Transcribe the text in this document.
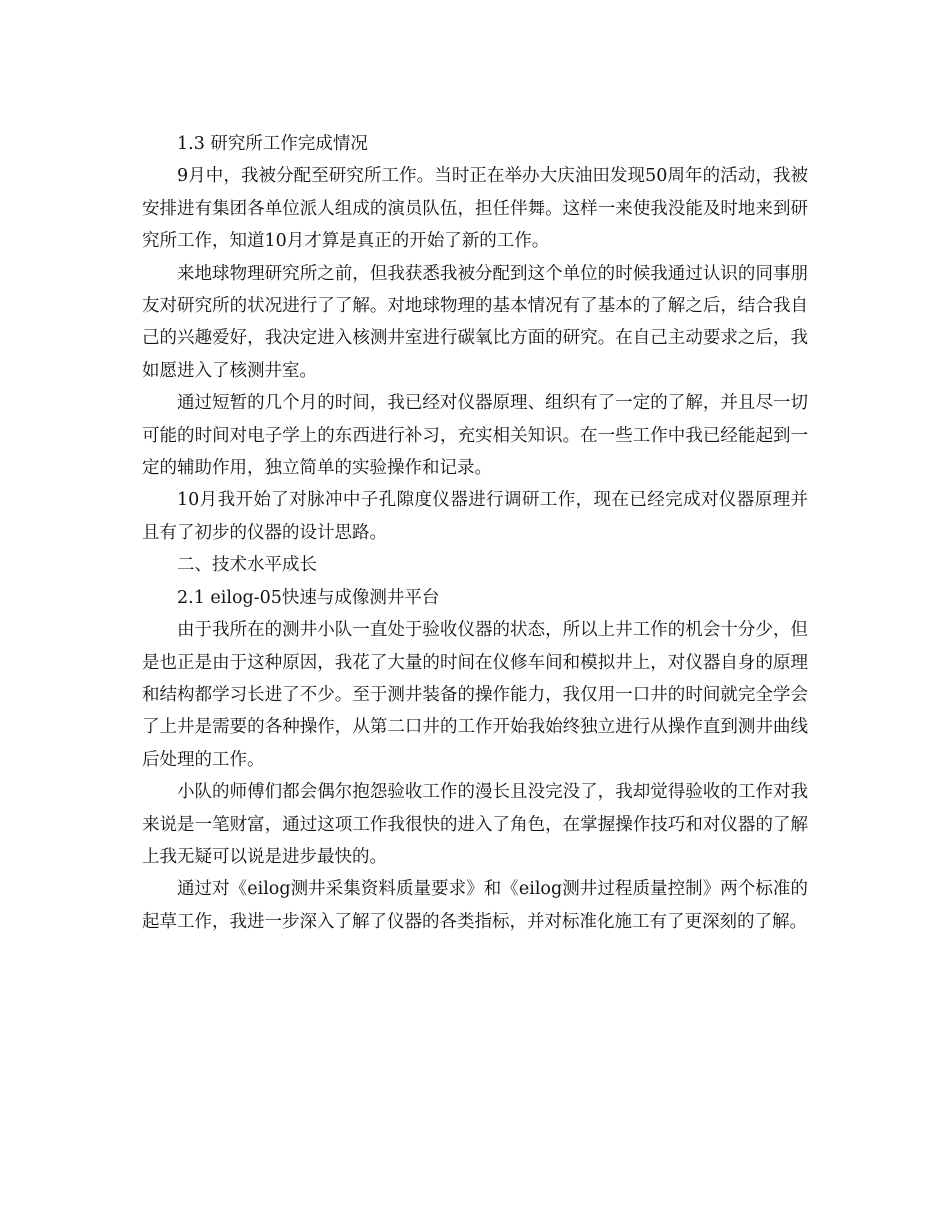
1.3 研究所工作完成情况

9月中，我被分配至研究所工作。当时正在举办大庆油田发现50周年的活动，我被安排进有集团各单位派人组成的演员队伍，担任伴舞。这样一来使我没能及时地来到研究所工作，知道10月才算是真正的开始了新的工作。

来地球物理研究所之前，但我获悉我被分配到这个单位的时候我通过认识的同事朋友对研究所的状况进行了了解。对地球物理的基本情况有了基本的了解之后，结合我自己的兴趣爱好，我决定进入核测井室进行碳氧比方面的研究。在自己主动要求之后，我如愿进入了核测井室。

通过短暂的几个月的时间，我已经对仪器原理、组织有了一定的了解，并且尽一切可能的时间对电子学上的东西进行补习，充实相关知识。在一些工作中我已经能起到一定的辅助作用，独立简单的实验操作和记录。

10月我开始了对脉冲中子孔隙度仪器进行调研工作，现在已经完成对仪器原理并且有了初步的仪器的设计思路。

二、技术水平成长

2.1 eilog-05快速与成像测井平台

由于我所在的测井小队一直处于验收仪器的状态，所以上井工作的机会十分少，但是也正是由于这种原因，我花了大量的时间在仪修车间和模拟井上，对仪器自身的原理和结构都学习长进了不少。至于测井装备的操作能力，我仅用一口井的时间就完全学会了上井是需要的各种操作，从第二口井的工作开始我始终独立进行从操作直到测井曲线后处理的工作。

小队的师傅们都会偶尔抱怨验收工作的漫长且没完没了，我却觉得验收的工作对我来说是一笔财富，通过这项工作我很快的进入了角色，在掌握操作技巧和对仪器的了解上我无疑可以说是进步最快的。

通过对《eilog测井采集资料质量要求》和《eilog测井过程质量控制》两个标准的起草工作，我进一步深入了解了仪器的各类指标，并对标准化施工有了更深刻的了解。
